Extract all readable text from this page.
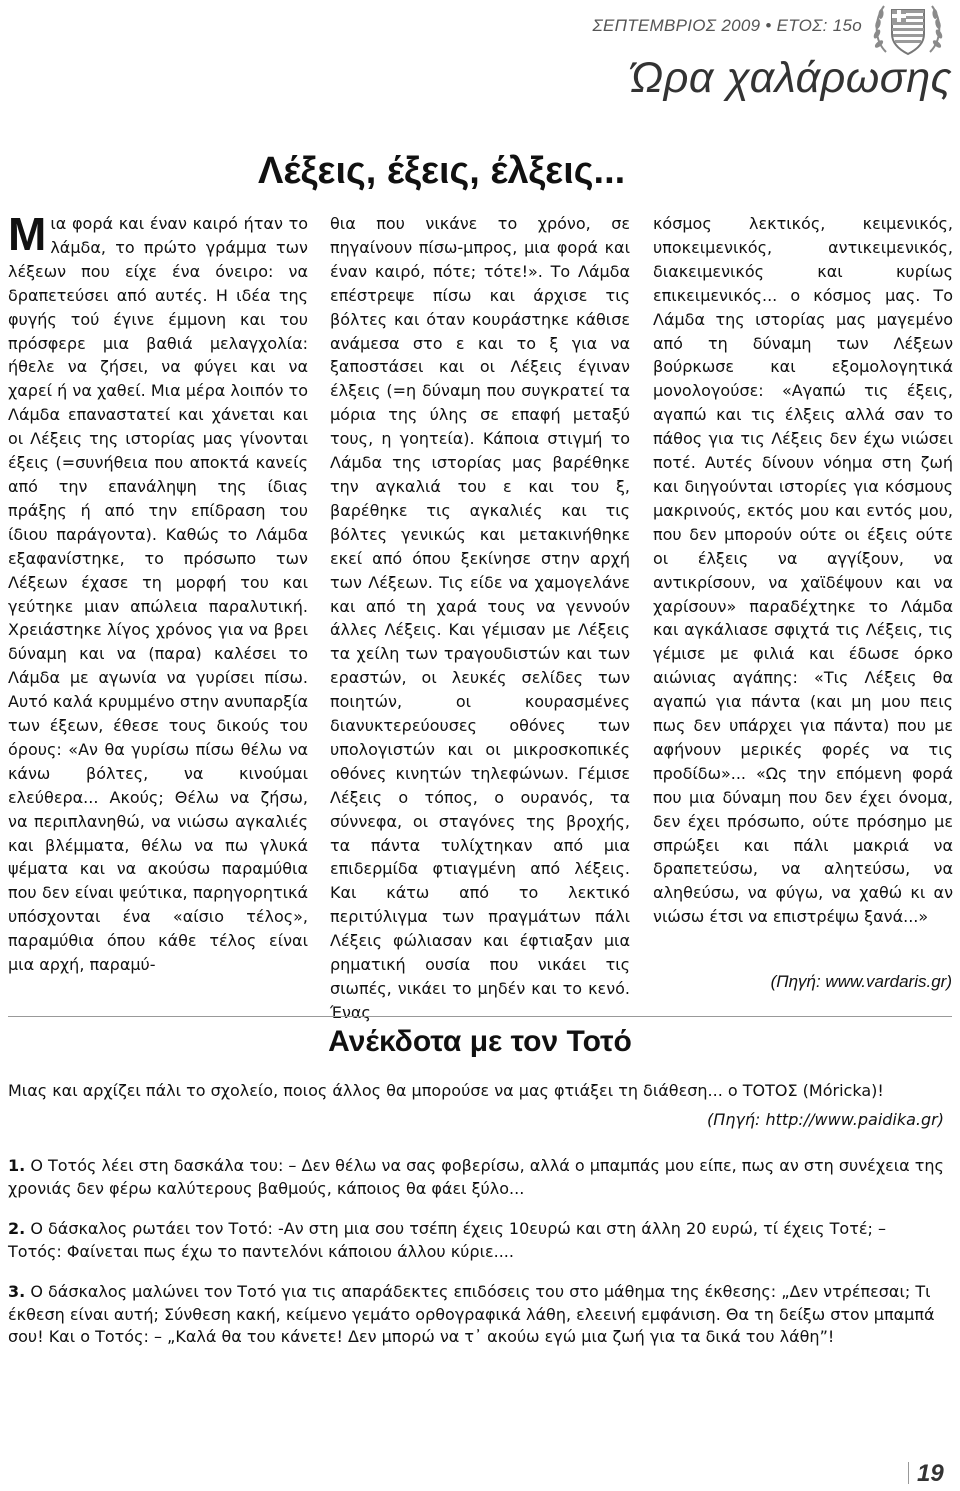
ΣΕΠΤΕΜΒΡΙΟΣ 2009 • ΕΤΟΣ: 15ο
Ώρα χαλάρωσης
Λέξεις, έξεις, έλξεις...
Μια φορά και έναν καιρό ήταν το λάμδα, το πρώτο γράμμα των λέξεων που είχε ένα όνειρο: να δραπετεύσει από αυτές. Η ιδέα της φυγής τού έγινε έμμονη και του πρόσφερε μια βαθιά μελαγχολία: ήθελε να ζήσει, να φύγει και να χαρεί ή να χαθεί. Μια μέρα λοιπόν το Λάμδα επαναστατεί και χάνεται και οι Λέξεις της ιστορίας μας γίνονται έξεις (=συνήθεια που αποκτά κανείς από την επανάληψη της ίδιας πράξης ή από την επίδραση του ίδιου παράγοντα). Καθώς το Λάμδα εξαφανίστηκε, το πρόσωπο των Λέξεων έχασε τη μορφή του και γεύτηκε μιαν απώλεια παραλυτική. Χρειάστηκε λίγος χρόνος για να βρει δύναμη και να (παρα) καλέσει το Λάμδα με αγωνία να γυρίσει πίσω. Αυτό καλά κρυμμένο στην ανυπαρξία των έξεων, έθεσε τους δικούς του όρους: «Αν θα γυρίσω πίσω θέλω να κάνω βόλτες, να κινούμαι ελεύθερα... Ακούς; Θέλω να ζήσω, να περιπλανηθώ, να νιώσω αγκαλιές και βλέμματα, θέλω να πω γλυκά ψέματα και να ακούσω παραμύθια που δεν είναι ψεύτικα, παρηγορητικά υπόσχονται ένα «αίσιο τέλος», παραμύθια όπου κάθε τέλος είναι μια αρχή, παραμύ-

θια που νικάνε το χρόνο, σε πηγαίνουν πίσω-μπρος, μια φορά και έναν καιρό, πότε; τότε!». Το Λάμδα επέστρεψε πίσω και άρχισε τις βόλτες και όταν κουράστηκε κάθισε ανάμεσα στο ε και το ξ για να ξαποστάσει και οι Λέξεις έγιναν έλξεις (=η δύναμη που συγκρατεί τα μόρια της ύλης σε επαφή μεταξύ τους, η γοητεία). Κάποια στιγμή το Λάμδα της ιστορίας μας βαρέθηκε την αγκαλιά του ε και του ξ, βαρέθηκε τις αγκαλιές και τις βόλτες γενικώς και μετακινήθηκε εκεί από όπου ξεκίνησε στην αρχή των Λέξεων. Τις είδε να χαμογελάνε και από τη χαρά τους να γεννούν άλλες Λέξεις. Και γέμισαν με Λέξεις τα χείλη των τραγουδιστών και των εραστών, οι λευκές σελίδες των ποιητών, οι κουρασμένες διανυκτερεύουσες οθόνες των υπολογιστών και οι μικροσκοπικές οθόνες κινητών τηλεφώνων. Γέμισε Λέξεις ο τόπος, ο ουρανός, τα σύννεφα, οι σταγόνες της βροχής, τα πάντα τυλίχτηκαν από μια επιδερμίδα φτιαγμένη από λέξεις. Και κάτω από το λεκτικό περιτύλιγμα των πραγμάτων πάλι Λέξεις φώλιασαν και έφτιαξαν μια ρηματική ουσία που νικάει τις σιωπές, νικάει το μηδέν και το κενό. Ένας

κόσμος λεκτικός, κειμενικός, υποκειμενικός, αντικειμενικός, διακειμενικός και κυρίως επικειμενικός... ο κόσμος μας. Το Λάμδα της ιστορίας μας μαγεμένο από τη δύναμη των Λέξεων βούρκωσε και εξομολογητικά μονολογούσε: «Αγαπώ τις έξεις, αγαπώ και τις έλξεις αλλά σαν το πάθος για τις Λέξεις δεν έχω νιώσει ποτέ. Αυτές δίνουν νόημα στη ζωή και διηγούνται ιστορίες για κόσμους μακρινούς, εκτός μου και εντός μου, που δεν μπορούν ούτε οι έξεις ούτε οι έλξεις να αγγίξουν, να αντικρίσουν, να χαϊδέψουν και να χαρίσουν» παραδέχτηκε το Λάμδα και αγκάλιασε σφιχτά τις Λέξεις, τις γέμισε με φιλιά και έδωσε όρκο αιώνιας αγάπης: «Τις Λέξεις θα αγαπώ για πάντα (και μη μου πεις πως δεν υπάρχει για πάντα) που με αφήνουν μερικές φορές να τις προδίδω»... «Ως την επόμενη φορά που μια δύναμη που δεν έχει όνομα, δεν έχει πρόσωπο, ούτε πρόσημο με σπρώξει και πάλι μακριά να δραπετεύσω, να αλητεύσω, να αληθεύσω, να φύγω, να χαθώ κι αν νιώσω έτσι να επιστρέψω ξανά...»

(Πηγή: www.vardaris.gr)
Ανέκδοτα με τον Τοτό

Μιας και αρχίζει πάλι το σχολείο, ποιος άλλος θα μπορούσε να μας φτιάξει τη διάθεση... ο ΤΟΤΟΣ (Mόricka)!

(Πηγή: http://www.paidika.gr)

1. Ο Τοτός λέει στη δασκάλα του: – Δεν θέλω να σας φοβερίσω, αλλά ο μπαμπάς μου είπε, πως αν στη συνέχεια της χρονιάς δεν φέρω καλύτερους βαθμούς, κάποιος θα φάει ξύλο...

2. Ο δάσκαλος ρωτάει τον Τοτό: -Αν στη μια σου τσέπη έχεις 10ευρώ και στη άλλη 20 ευρώ, τί έχεις Τοτέ; – Τοτός: Φαίνεται πως έχω το παντελόνι κάποιου άλλου κύριε....

3. Ο δάσκαλος μαλώνει τον Τοτό για τις απαράδεκτες επιδόσεις του στο μάθημα της έκθεσης: „Δεν ντρέπεσαι; Τι έκθεση είναι αυτή; Σύνθεση κακή, κείμενο γεμάτο ορθογραφικά λάθη, ελεεινή εμφάνιση. Θα τη δείξω στον μπαμπά σου! Και ο Τοτός: – „Καλά θα του κάνετε! Δεν μπορώ να τ᾽ ακούω εγώ μια ζωή για τα δικά του λάθη”!

19
